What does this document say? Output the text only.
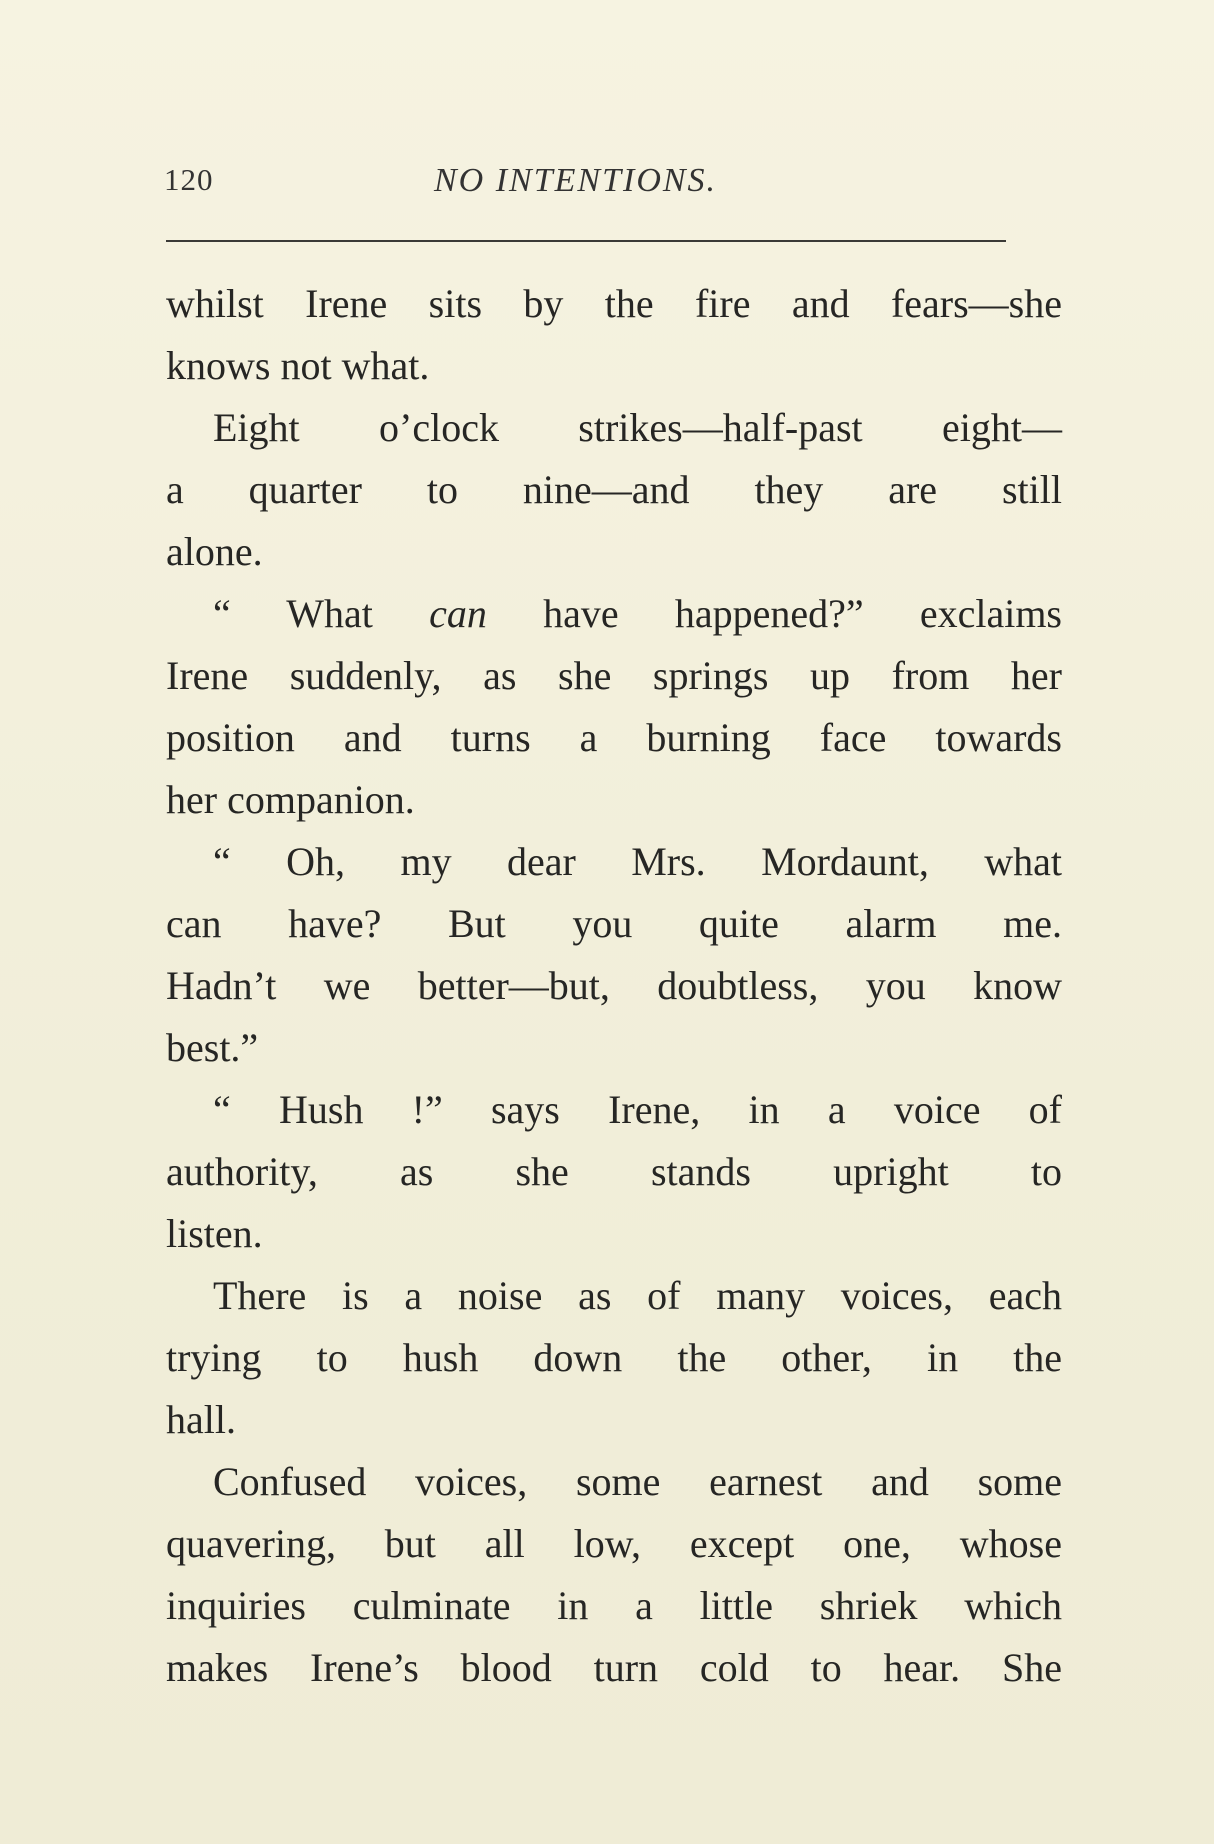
120	NO INTENTIONS.
whilst Irene sits by the fire and fears—she
knows not what.
Eight o’clock strikes—half-past eight—
a quarter to nine—and they are still
alone.
“ What can have happened?” exclaims
Irene suddenly, as she springs up from her
position and turns a burning face towards
her companion.
“ Oh, my dear Mrs. Mordaunt, what
can have? But you quite alarm me.
Hadn’t we better—but, doubtless, you know
best.”
“ Hush !” says Irene, in a voice of
authority, as she stands upright to
listen.
There is a noise as of many voices, each
trying to hush down the other, in the
hall.
Confused voices, some earnest and some
quavering, but all low, except one, whose
inquiries culminate in a little shriek which
makes Irene’s blood turn cold to hear. She
